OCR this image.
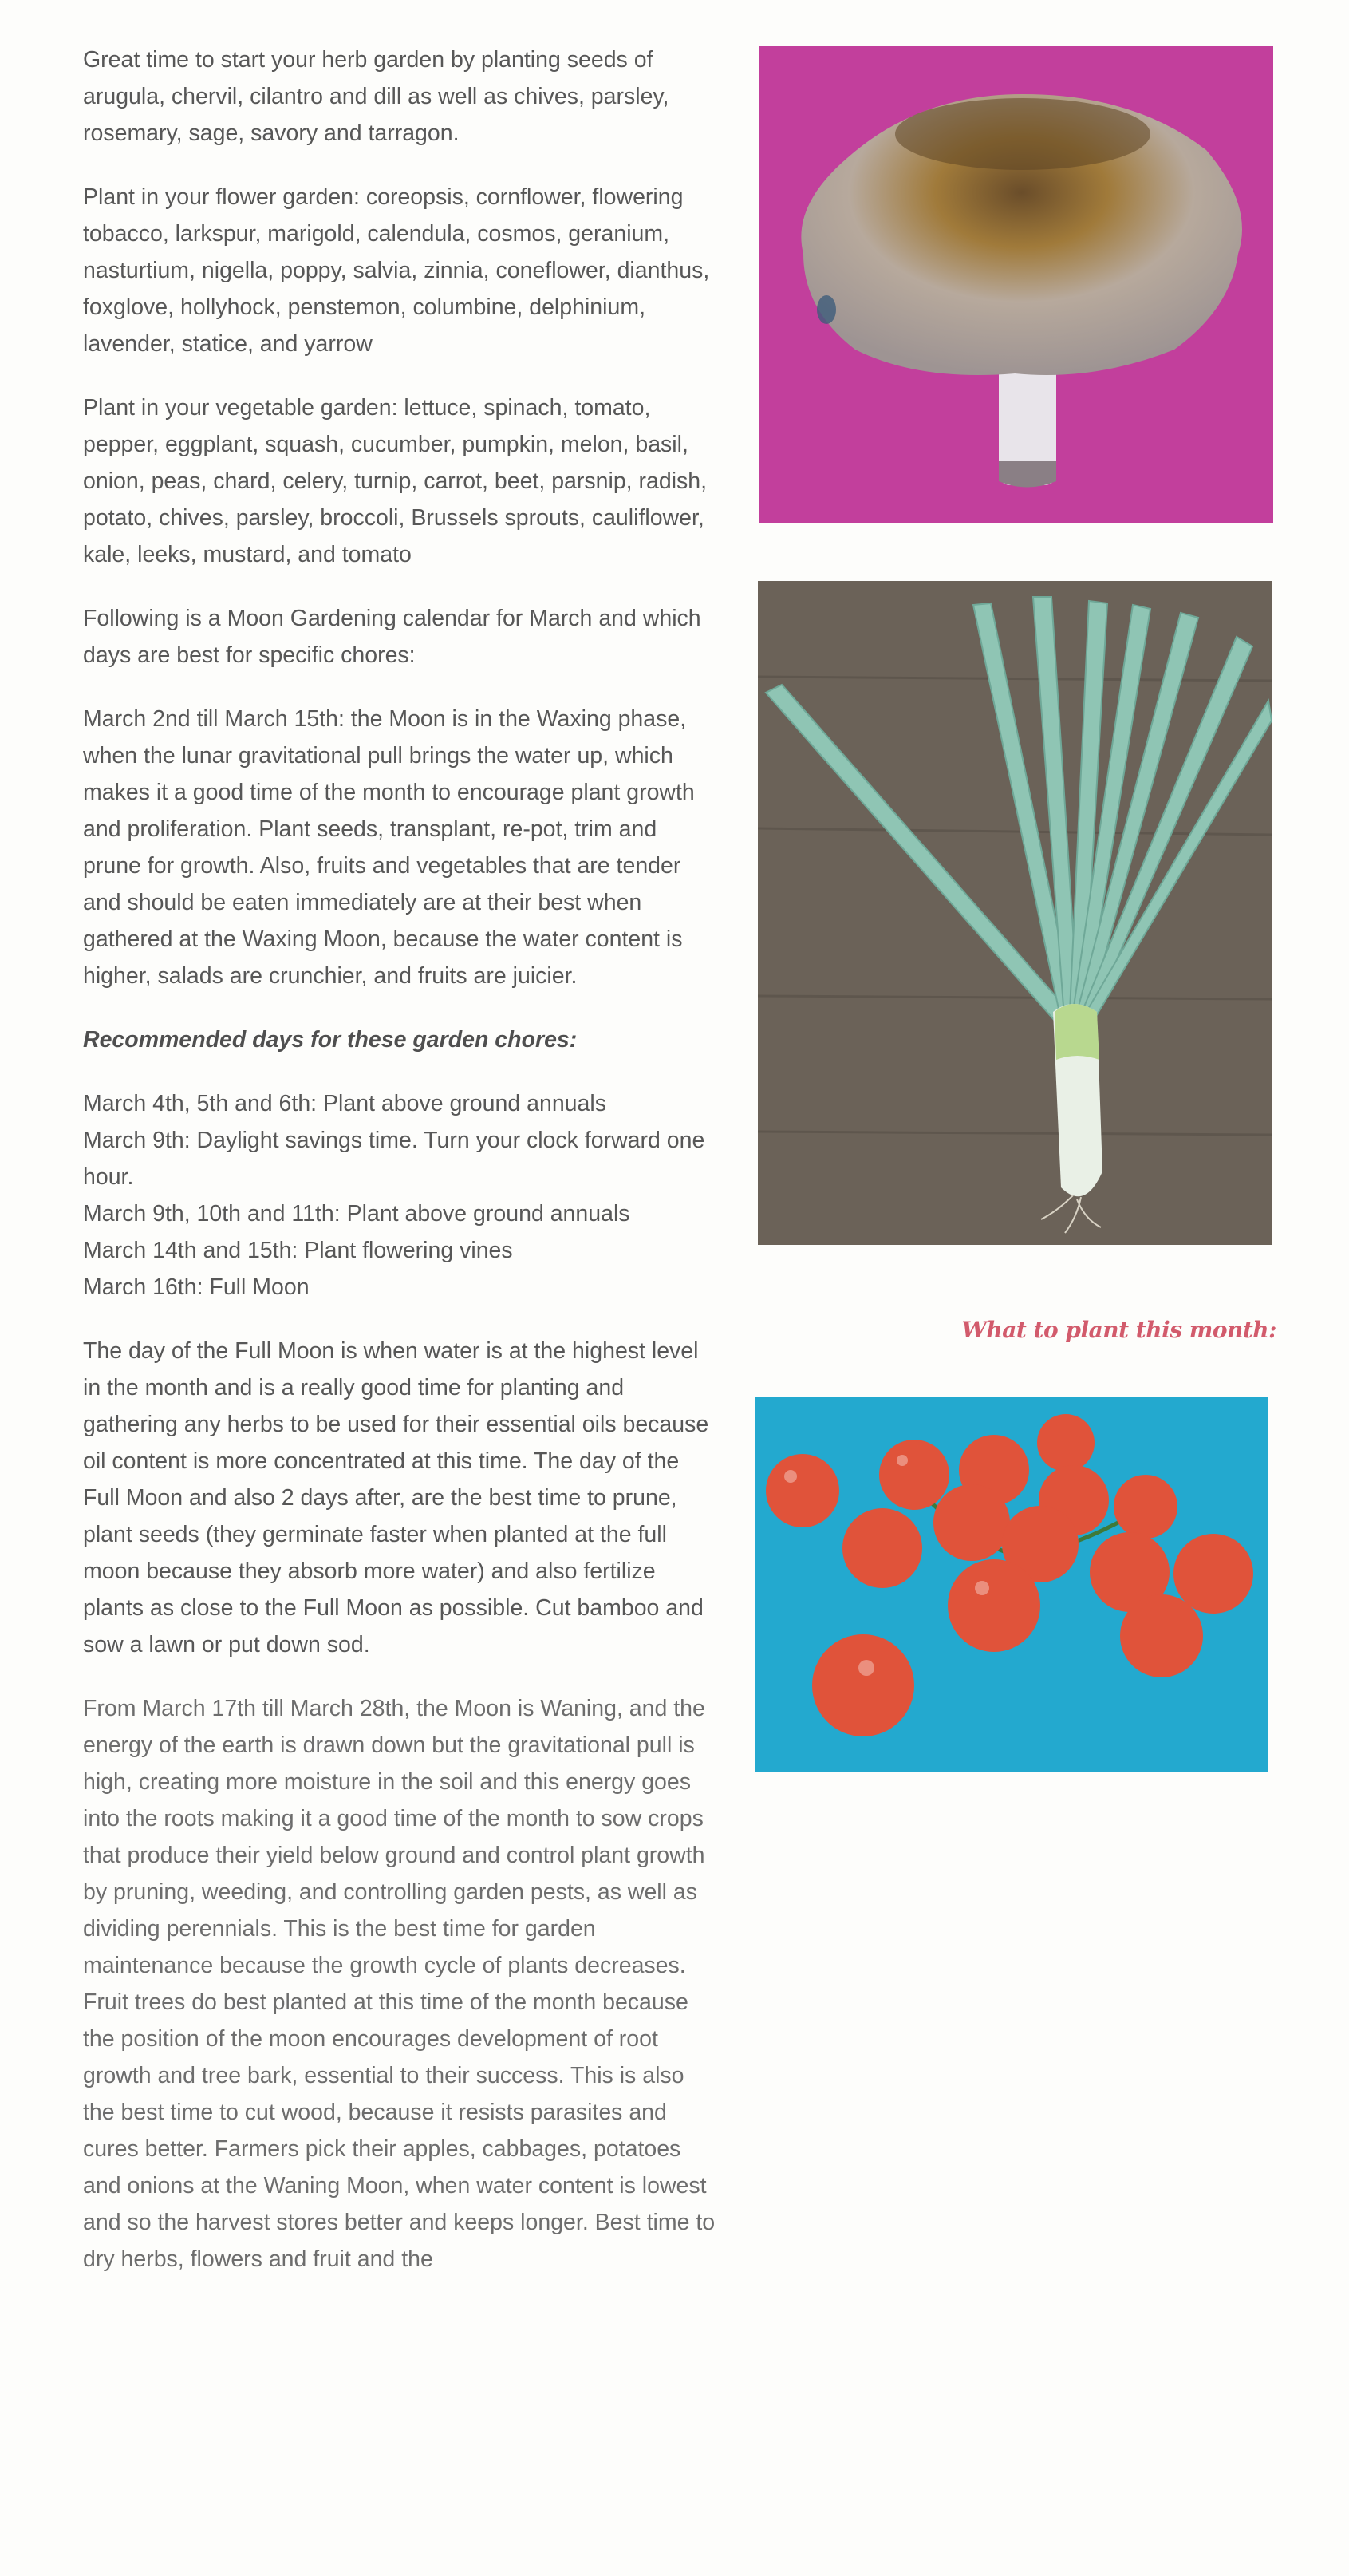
Great time to start your herb garden by planting seeds of arugula, chervil, cilantro and dill as well as chives, parsley, rosemary, sage, savory and tarragon.

Plant in your flower garden: coreopsis, cornflower, flowering tobacco, larkspur, marigold, calendula, cosmos, geranium, nasturtium, nigella, poppy, salvia, zinnia, coneflower, dianthus, foxglove, hollyhock, penstemon, columbine, delphinium, lavender, statice, and yarrow

Plant in your vegetable garden: lettuce, spinach, tomato, pepper, eggplant, squash, cucumber, pumpkin, melon, basil, onion, peas, chard, celery, turnip, carrot, beet, parsnip, radish, potato, chives, parsley, broccoli, Brussels sprouts, cauliflower, kale, leeks, mustard, and tomato

Following is a Moon Gardening calendar for March and which days are best for specific chores:

March 2nd till March 15th: the Moon is in the Waxing phase, when the lunar gravitational pull brings the water up, which makes it a good time of the month to encourage plant growth and proliferation. Plant seeds, transplant, re-pot, trim and prune for growth. Also, fruits and vegetables that are tender and should be eaten immediately are at their best when gathered at the Waxing Moon, because the water content is higher, salads are crunchier, and fruits are juicier.

Recommended days for these garden chores:

March 4th, 5th and 6th: Plant above ground annuals
March 9th: Daylight savings time. Turn your clock forward one hour.
March 9th, 10th and 11th: Plant above ground annuals
March 14th and 15th: Plant flowering vines
March 16th: Full Moon

The day of the Full Moon is when water is at the highest level in the month and is a really good time for planting and gathering any herbs to be used for their essential oils because oil content is more concentrated at this time. The day of the Full Moon and also 2 days after, are the best time to prune, plant seeds (they germinate faster when planted at the full moon because they absorb more water) and also fertilize plants as close to the Full Moon as possible. Cut bamboo and sow a lawn or put down sod.

From March 17th till March 28th, the Moon is Waning, and the energy of the earth is drawn down but the gravitational pull is high, creating more moisture in the soil and this energy goes into the roots making it a good time of the month to sow crops that produce their yield below ground and control plant growth by pruning, weeding, and controlling garden pests, as well as dividing perennials. This is the best time for garden maintenance because the growth cycle of plants decreases. Fruit trees do best planted at this time of the month because the position of the moon encourages development of root growth and tree bark, essential to their success. This is also the best time to cut wood, because it resists parasites and cures better. Farmers pick their apples, cabbages, potatoes and onions at the Waning Moon, when water content is lowest and so the harvest stores better and keeps longer. Best time to dry herbs, flowers and fruit and the

What to plant this month:
